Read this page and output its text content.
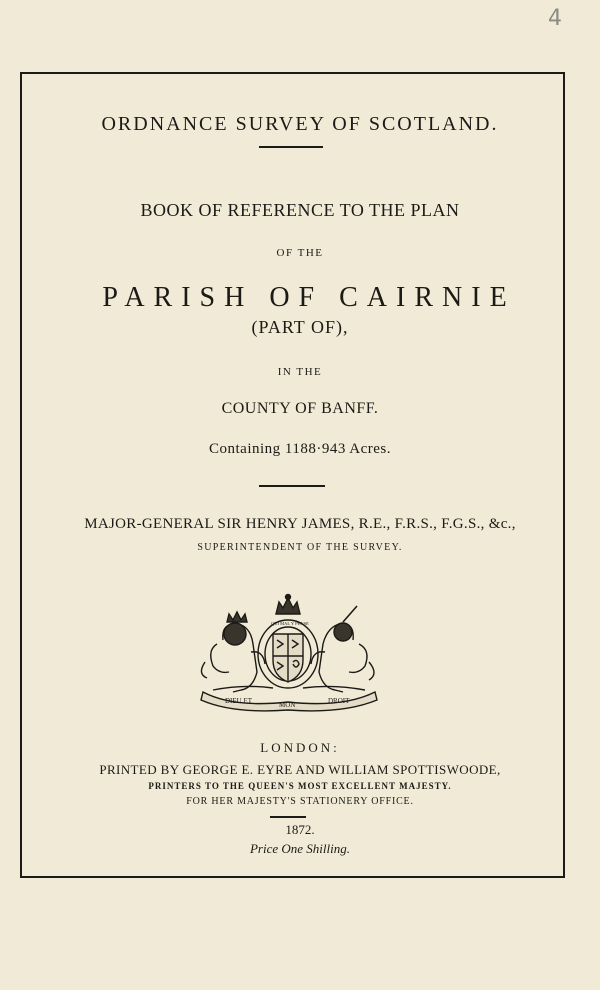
4
ORDNANCE SURVEY OF SCOTLAND.
BOOK OF REFERENCE TO THE PLAN
OF THE
PARISH OF CAIRNIE
(PART OF),
IN THE
COUNTY OF BANFF.
Containing 1188·943 Acres.
MAJOR-GENERAL SIR HENRY JAMES, R.E., F.R.S., F.G.S., &c.,
SUPERINTENDENT OF THE SURVEY.
DIEU ET	MON	DROIT
QUI MAL Y PENSE
LONDON:
PRINTED BY GEORGE E. EYRE AND WILLIAM SPOTTISWOODE,
PRINTERS TO THE QUEEN'S MOST EXCELLENT MAJESTY.
FOR HER MAJESTY'S STATIONERY OFFICE.
1872.
Price One Shilling.
